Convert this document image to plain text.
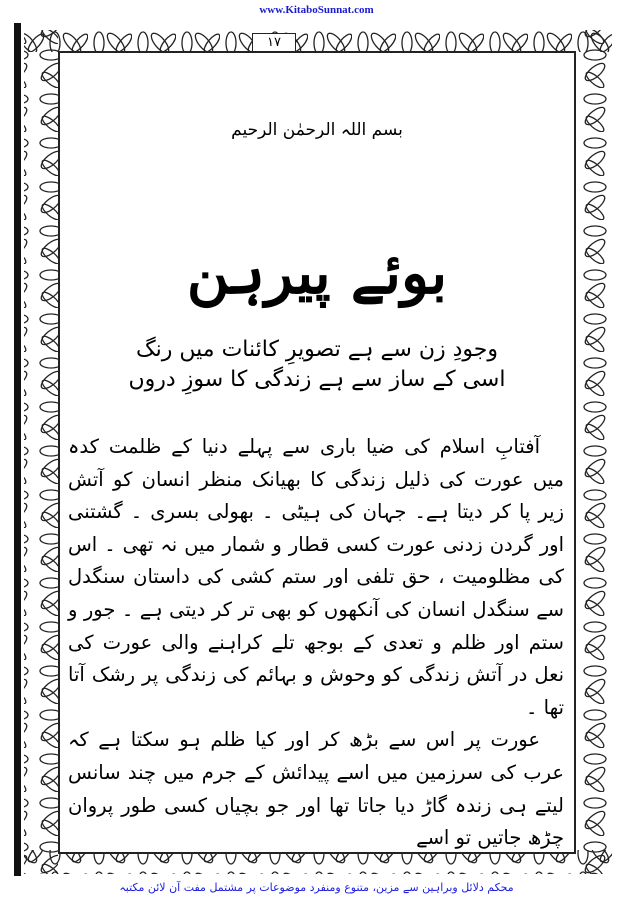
www.KitaboSunnat.com
١٧
بسم اللہ الرحمٰن الرحیم
بوئے پیرہن
وجودِ زن سے ہے تصویرِ کائنات میں رنگ
اسی کے ساز سے ہے زندگی کا سوزِ دروں

آفتابِ اسلام کی ضیا باری سے پہلے دنیا کے ظلمت کدہ میں عورت کی ذلیل زندگی کا بھیانک منظر انسان کو آتش زیر پا کر دیتا ہے۔ جہان کی ہیٹی ۔ بھولی بسری ۔ گشتنی اور گردن زدنی عورت کسی قطار و شمار میں نہ تھی ۔ اس کی مظلومیت ، حق تلفی اور ستم کشی کی داستان سنگدل سے سنگدل انسان کی آنکھوں کو بھی تر کر دیتی ہے ۔ جور و ستم اور ظلم و تعدی کے بوجھ تلے کراہنے والی عورت کی نعل در آتش زندگی کو وحوش و بہائم کی زندگی پر رشک آتا تھا ۔

عورت پر اس سے بڑھ کر اور کیا ظلم ہو سکتا ہے کہ عرب کی سرزمین میں اسے پیدائش کے جرم میں چند سانس لیتے ہی زندہ گاڑ دیا جاتا تھا اور جو بچیاں کسی طور پروان چڑھ جاتیں تو اسے

محکم دلائل وبراہین سے مزین، متنوع ومنفرد موضوعات پر مشتمل مفت آن لائن مکتبہ
